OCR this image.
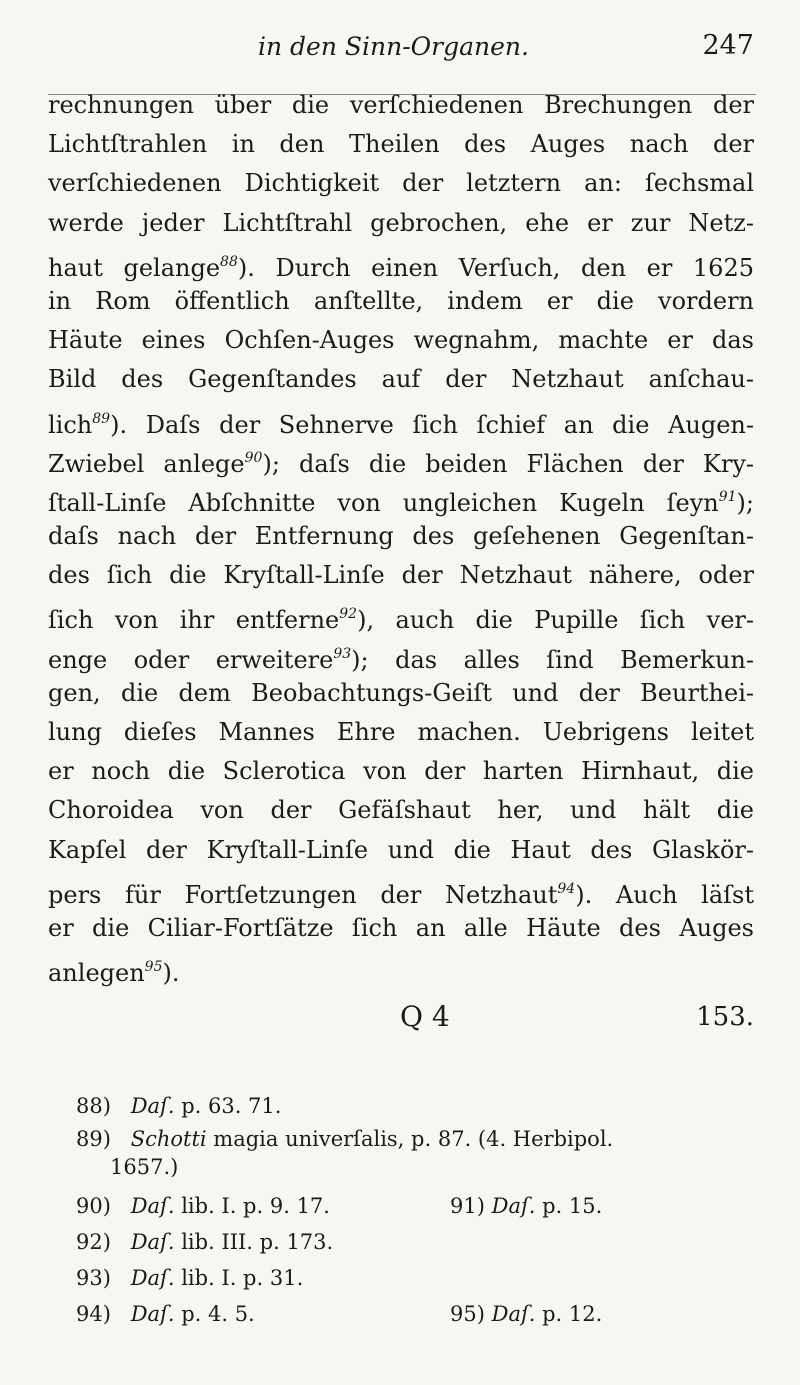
in den Sinn-Organen.	247
rechnungen über die verſchiedenen Brechungen der
Lichtſtrahlen in den Theilen des Auges nach der
verſchiedenen Dichtigkeit der letztern an: ſechsmal
werde jeder Lichtſtrahl gebrochen, ehe er zur Netz-
haut gelange$^{88}$). Durch einen Verſuch, den er 1625
in Rom öffentlich anſtellte, indem er die vordern
Häute eines Ochſen-Auges wegnahm, machte er das
Bild des Gegenſtandes auf der Netzhaut anſchau-
lich$^{89}$). Daſs der Sehnerve ſich ſchief an die Augen-
Zwiebel anlege$^{90}$); daſs die beiden Flächen der Kry-
ſtall-Linſe Abſchnitte von ungleichen Kugeln ſeyn$^{91}$);
daſs nach der Entfernung des geſehenen Gegenſtan-
des ſich die Kryſtall-Linſe der Netzhaut nähere, oder
ſich von ihr entferne$^{92}$), auch die Pupille ſich ver-
enge oder erweitere$^{93}$); das alles ſind Bemerkun-
gen, die dem Beobachtungs-Geiſt und der Beurthei-
lung dieſes Mannes Ehre machen. Uebrigens leitet
er noch die Sclerotica von der harten Hirnhaut, die
Choroidea von der Gefäſshaut her, und hält die
Kapſel der Kryſtall-Linſe und die Haut des Glaskör-
pers für Fortſetzungen der Netzhaut$^{94}$). Auch läſst
er die Ciliar-Fortſätze ſich an alle Häute des Auges
anlegen$^{95}$).
Q 4	153.
88) Daſ. p. 63. 71.
89) Schotti magia univerſalis, p. 87. (4. Herbipol.
1657.)
90) Daſ. lib. I. p. 9. 17.	91) Daſ. p. 15.
92) Daſ. lib. III. p. 173.
93) Daſ. lib. I. p. 31.
94) Daſ. p. 4. 5.	95) Daſ. p. 12.
